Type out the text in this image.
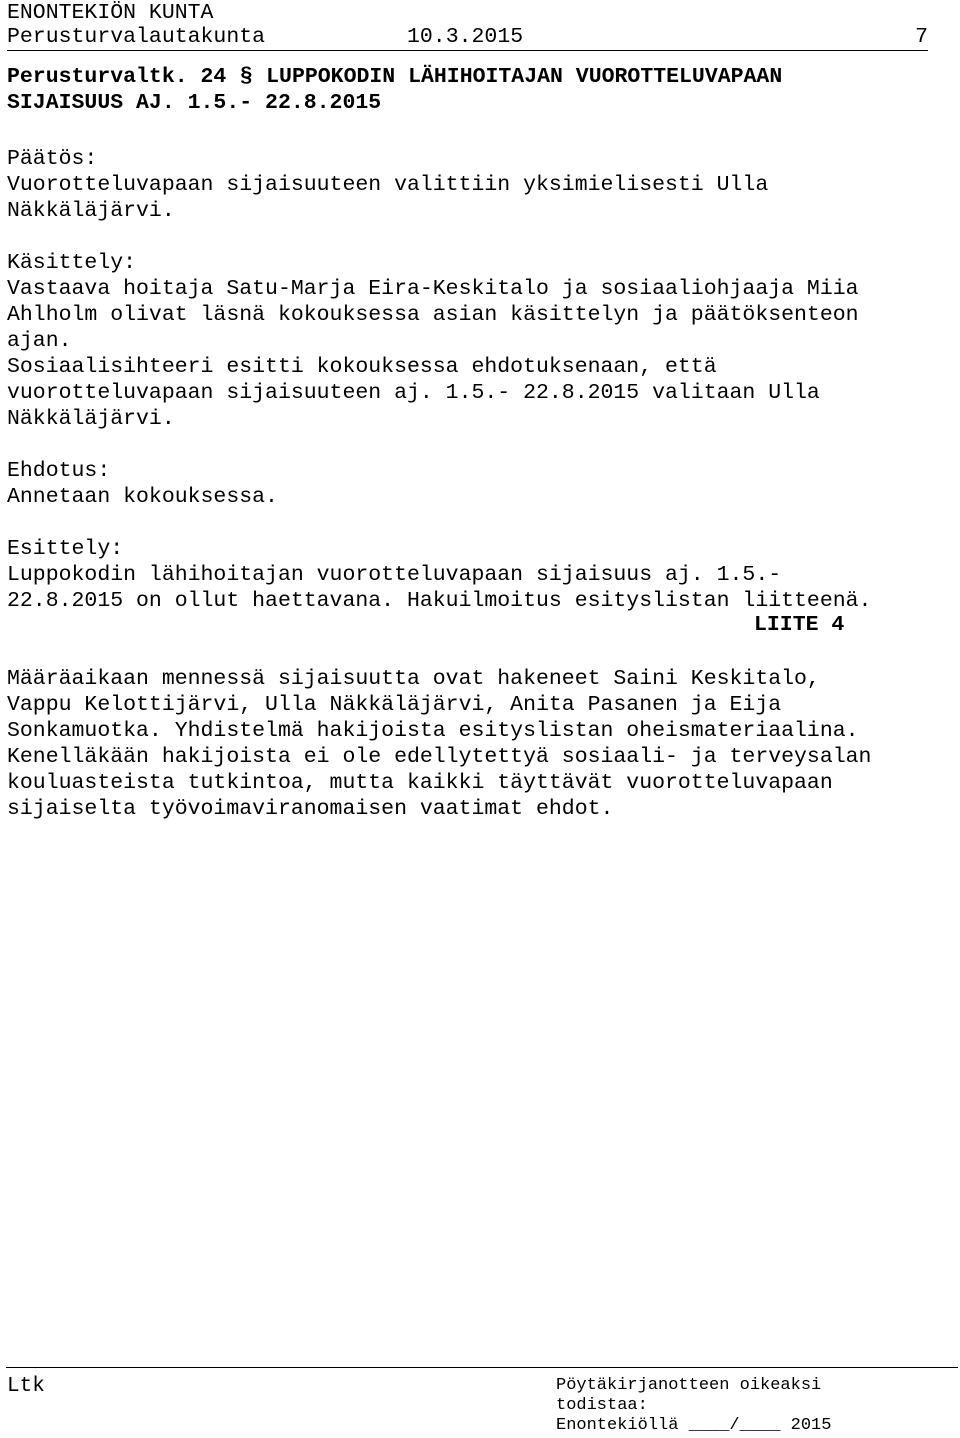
ENONTEKIÖN KUNTA
Perusturvalautakunta	10.3.2015	7
Perusturvaltk. 24 § LUPPOKODIN LÄHIHOITAJAN VUOROTTELUVAPAAN
SIJAISUUS AJ. 1.5.- 22.8.2015
Päätös:
Vuorotteluvapaan sijaisuuteen valittiin yksimielisesti Ulla
Näkkäläjärvi.
Käsittely:
Vastaava hoitaja Satu-Marja Eira-Keskitalo ja sosiaaliohjaaja Miia
Ahlholm olivat läsnä kokouksessa asian käsittelyn ja päätöksenteon
ajan.
Sosiaalisihteeri esitti kokouksessa ehdotuksenaan, että
vuorotteluvapaan sijaisuuteen aj. 1.5.- 22.8.2015 valitaan Ulla
Näkkäläjärvi.
Ehdotus:
Annetaan kokouksessa.
Esittely:
Luppokodin lähihoitajan vuorotteluvapaan sijaisuus aj. 1.5.-
22.8.2015 on ollut haettavana. Hakuilmoitus esityslistan liitteenä.
LIITE 4
Määräaikaan mennessä sijaisuutta ovat hakeneet Saini Keskitalo,
Vappu Kelottijärvi, Ulla Näkkäläjärvi, Anita Pasanen ja Eija
Sonkamuotka. Yhdistelmä hakijoista esityslistan oheismateriaalina.
Kenelläkään hakijoista ei ole edellytettyä sosiaali- ja terveysalan
kouluasteista tutkintoa, mutta kaikki täyttävät vuorotteluvapaan
sijaiselta työvoimaviranomaisen vaatimat ehdot.
Ltk	Pöytäkirjanotteen oikeaksi
todistaa:
Enontekiöllä ____/____ 2015
